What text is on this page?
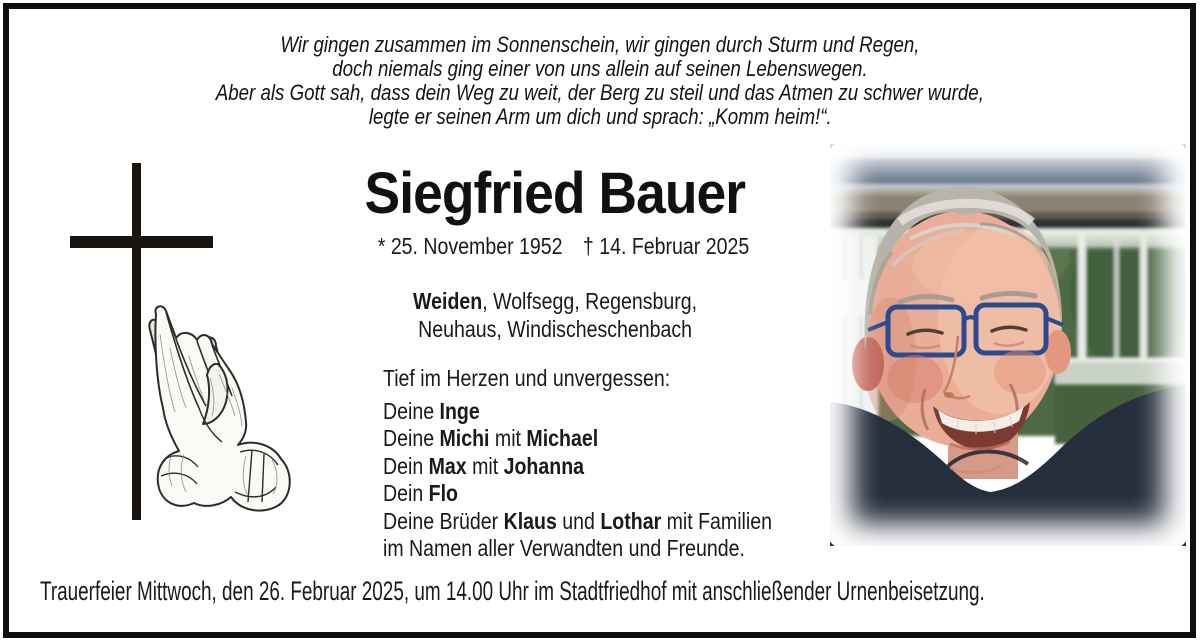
Wir gingen zusammen im Sonnenschein, wir gingen durch Sturm und Regen,
doch niemals ging einer von uns allein auf seinen Lebenswegen.
Aber als Gott sah, dass dein Weg zu weit, der Berg zu steil und das Atmen zu schwer wurde,
legte er seinen Arm um dich und sprach: „Komm heim!“.
Siegfried Bauer
* 25. November 1952 † 14. Februar 2025
Weiden, Wolfsegg, Regensburg,
Neuhaus, Windischeschenbach
Tief im Herzen und unvergessen:
Deine Inge
Deine Michi mit Michael
Dein Max mit Johanna
Dein Flo
Deine Brüder Klaus und Lothar mit Familien
im Namen aller Verwandten und Freunde.
Trauerfeier Mittwoch, den 26. Februar 2025, um 14.00 Uhr im Stadtfriedhof mit anschließender Urnenbeisetzung.
